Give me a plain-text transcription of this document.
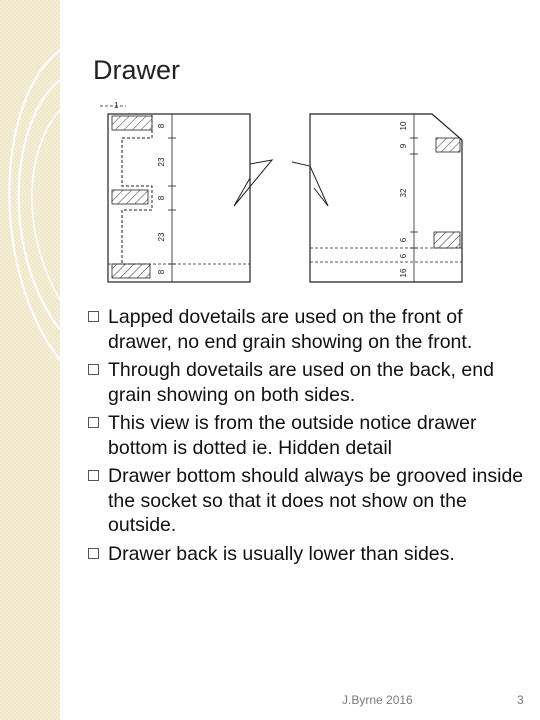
Drawer
1
8
23
8
23
8
10
9
32
6
6
16
Lapped dovetails are used on the front of drawer, no end grain showing on the front.
Through dovetails are used on the back, end grain showing on both sides.
This view is from the outside notice drawer bottom is dotted ie. Hidden detail
Drawer bottom should always be grooved inside the socket so that it does not show on the outside.
Drawer back is usually lower than sides.
J.Byrne 2016	3
